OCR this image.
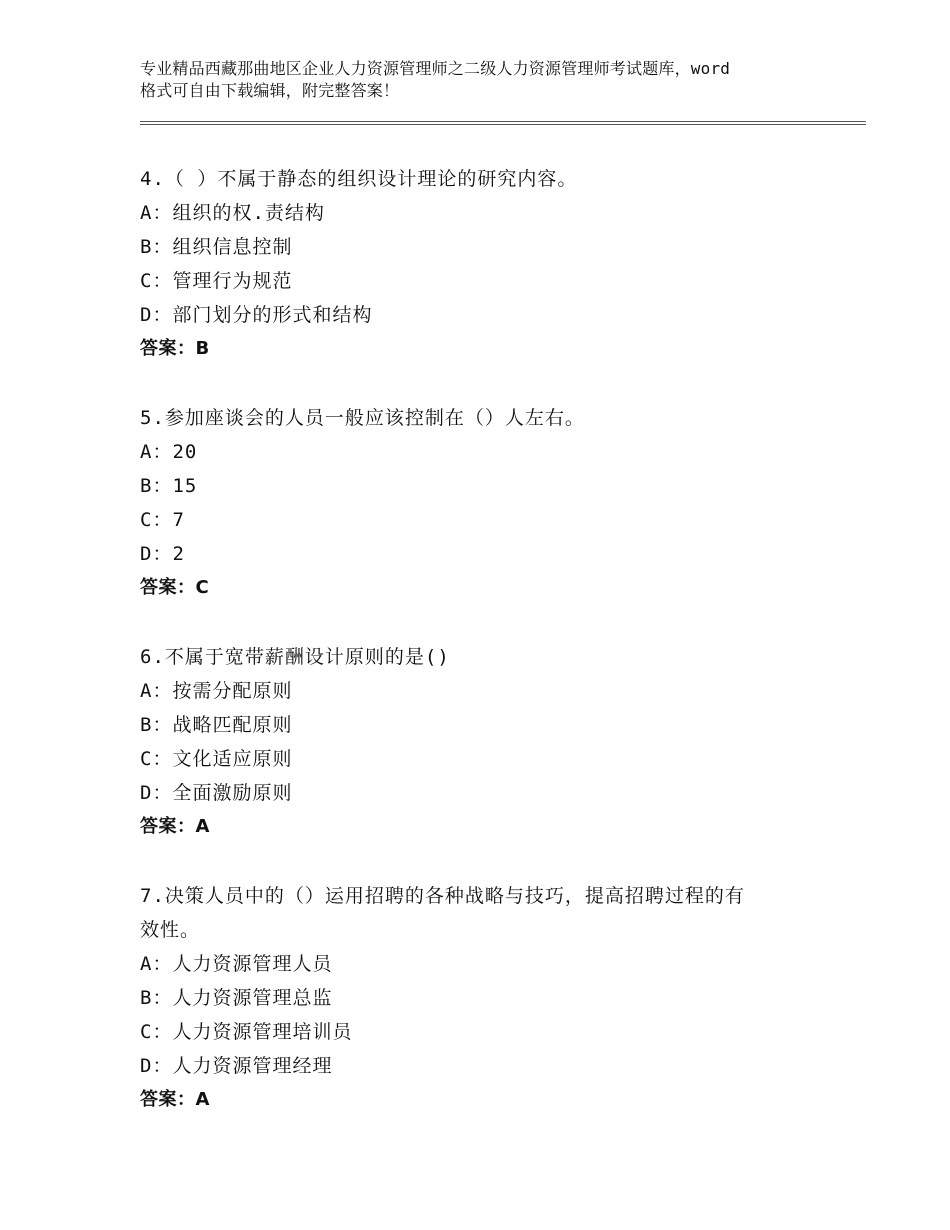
专业精品西藏那曲地区企业人力资源管理师之二级人力资源管理师考试题库，word
格式可自由下载编辑，附完整答案！

4.（ ）不属于静态的组织设计理论的研究内容。

A：组织的权.责结构

B：组织信息控制

C：管理行为规范

D：部门划分的形式和结构

答案：B

5.参加座谈会的人员一般应该控制在（）人左右。

A：20

B：15

C：7

D：2

答案：C

6.不属于宽带薪酬设计原则的是()

A：按需分配原则

B：战略匹配原则

C：文化适应原则

D：全面激励原则

答案：A

7.决策人员中的（）运用招聘的各种战略与技巧，提高招聘过程的有

效性。

A：人力资源管理人员

B：人力资源管理总监

C：人力资源管理培训员

D：人力资源管理经理

答案：A
